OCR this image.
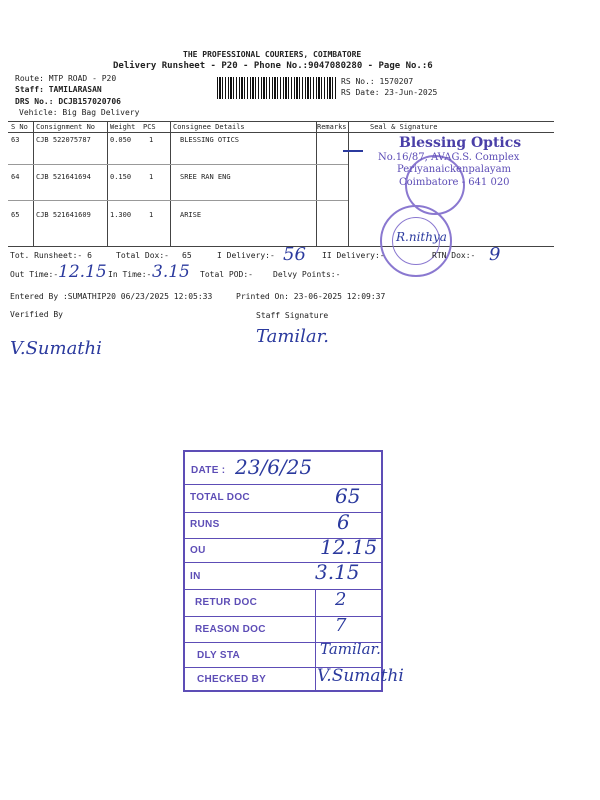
THE PROFESSIONAL COURIERS, COIMBATORE
Delivery Runsheet - P20 - Phone No.:9047080280 - Page No.:6
Route: MTP ROAD - P20
Staff: TAMILARASAN
DRS No.: DCJB157020706
Vehicle: Big Bag Delivery
RS No.: 1570207
RS Date: 23-Jun-2025
S No Consignment No Weight PCS Consignee Details	Remarks	Seal & Signature
63 CJB 522075787	0.050	1	BLESSING OTICS
64 CJB 521641694	0.150	1	SREE RAN ENG
65 CJB 521641609	1.300	1	ARISE
Blessing Optics
No.16/87, AVAG.S. Complex
Periyanaickenpalayam
Coimbatore - 641 020
R.nithya
Tot. Runsheet:- 6	Total Dox:- 65	I Delivery:- 56 II Delivery:-	RTN Dox:- 9
Out Time:- 12.15 In Time:- 3.15 Total POD:-	Delvy Points:-
Entered By :SUMATHIP20 06/23/2025 12:05:33	Printed On: 23-06-2025 12:09:37
Verified By	Staff Signature
V.Sumathi
Tamilar.
DATE : 23/6/25
TOTAL DOC	65
RUNS	6
OU	12.15
IN	3.15
RETUR DOC	2
REASON DOC	7
DLY STA	Tamilar.
CHECKED BY	V.Sumathi
